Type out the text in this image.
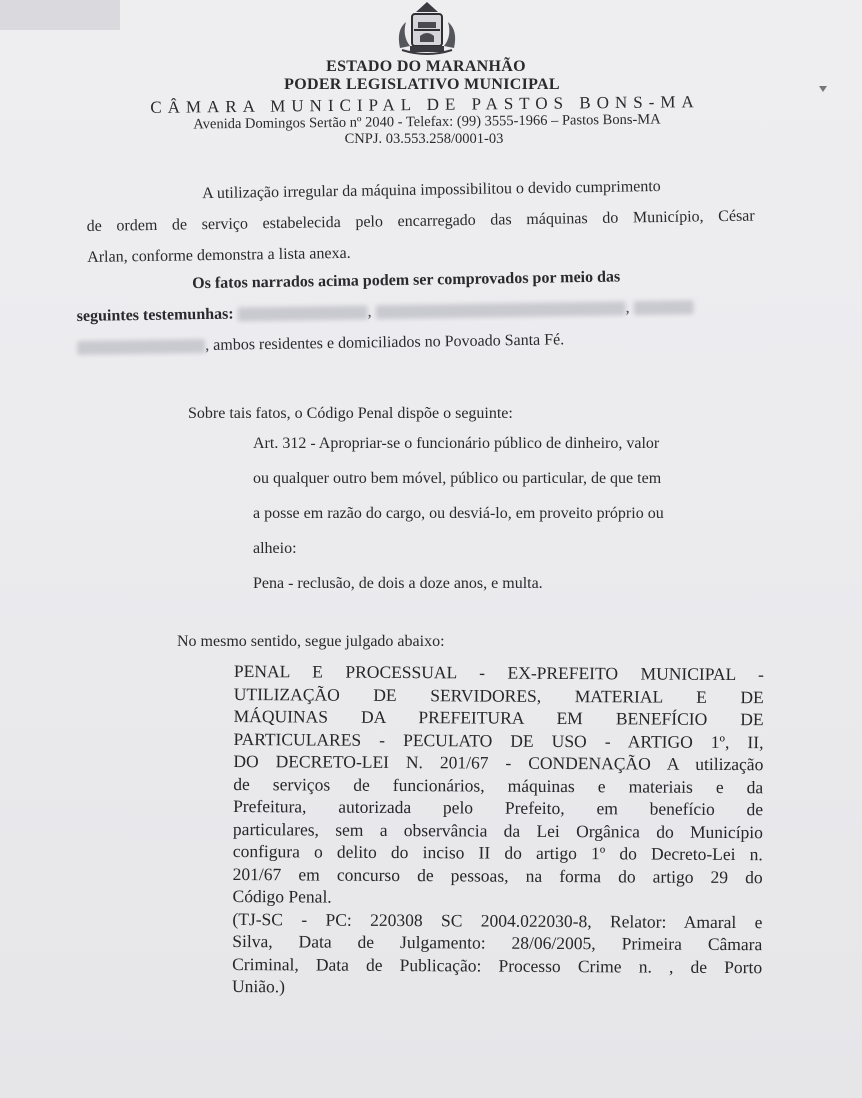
ESTADO DO MARANHÃO
PODER LEGISLATIVO MUNICIPAL
CÂMARA MUNICIPAL DE PASTOS BONS-MA
Avenida Domingos Sertão nº 2040 - Telefax: (99) 3555-1966 – Pastos Bons-MA
CNPJ. 03.553.258/0001-03
A utilização irregular da máquina impossibilitou o devido cumprimento
de ordem de serviço estabelecida pelo encarregado das máquinas do Município, César
Arlan, conforme demonstra a lista anexa.
Os fatos narrados acima podem ser comprovados por meio das
seguintes testemunhas:	,	,
, ambos residentes e domiciliados no Povoado Santa Fé.
Sobre tais fatos, o Código Penal dispõe o seguinte:
Art. 312 - Apropriar-se o funcionário público de dinheiro, valor
ou qualquer outro bem móvel, público ou particular, de que tem
a posse em razão do cargo, ou desviá-lo, em proveito próprio ou
alheio:
Pena - reclusão, de dois a doze anos, e multa.
No mesmo sentido, segue julgado abaixo:
PENAL E PROCESSUAL - EX-PREFEITO MUNICIPAL -
UTILIZAÇÃO DE SERVIDORES, MATERIAL E DE
MÁQUINAS DA PREFEITURA EM BENEFÍCIO DE
PARTICULARES - PECULATO DE USO - ARTIGO 1º, II,
DO DECRETO-LEI N. 201/67 - CONDENAÇÃO A utilização
de serviços de funcionários, máquinas e materiais e da
Prefeitura, autorizada pelo Prefeito, em benefício de
particulares, sem a observância da Lei Orgânica do Município
configura o delito do inciso II do artigo 1º do Decreto-Lei n.
201/67 em concurso de pessoas, na forma do artigo 29 do
Código Penal.
(TJ-SC - PC: 220308 SC 2004.022030-8, Relator: Amaral e
Silva, Data de Julgamento: 28/06/2005, Primeira Câmara
Criminal, Data de Publicação: Processo Crime n. , de Porto
União.)
